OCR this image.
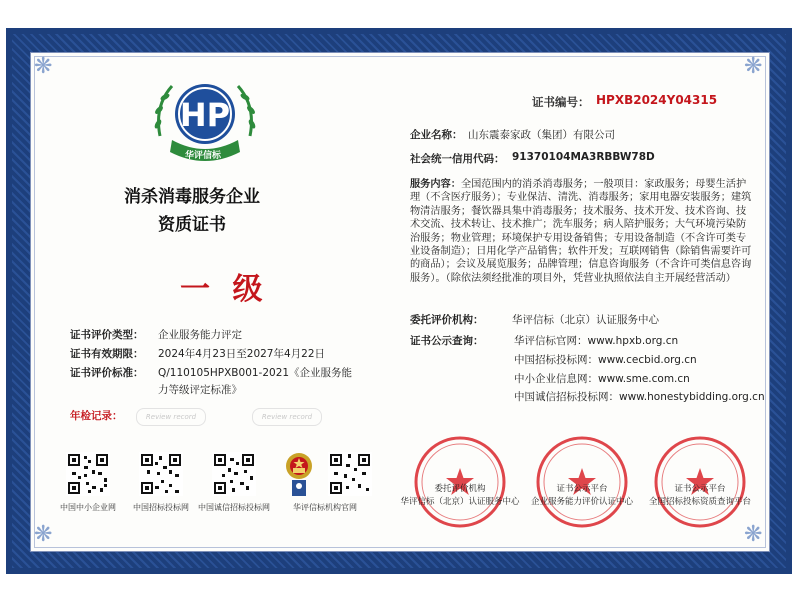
❋	❋
❋	❋
证书编号： HPXB2024Y04315
HP
华评信标
消杀消毒服务企业
资质证书
一 级
证书评价类型： 企业服务能力评定
证书有效期限： 2024年4月23日至2027年4月22日
证书评价标准： Q/110105HPXB001-2021《企业服务能
力等级评定标准》
年检记录：	Review record	Review record
企业名称： 山东震泰家政（集团）有限公司
社会统一信用代码： 91370104MA3RBBW78D
服务内容：全国范围内的消杀消毒服务；一般项目：家政服务；母婴生活护理（不含医疗服务）；专业保洁、清洗、消毒服务；家用电器安装服务；建筑物清洁服务；餐饮器具集中消毒服务；技术服务、技术开发、技术咨询、技术交流、技术转让、技术推广；洗车服务；病人陪护服务；大气环境污染防治服务；物业管理；环境保护专用设备销售；专用设备制造（不含许可类专业设备制造）；日用化学产品销售；软件开发；互联网销售（除销售需要许可的商品）；会议及展览服务；品牌管理；信息咨询服务（不含许可类信息咨询服务）。（除依法须经批准的项目外，凭营业执照依法自主开展经营活动）
委托评价机构：	华评信标（北京）认证服务中心
证书公示查询：	华评信标官网：www.hpxb.org.cn
中国招标投标网：www.cecbid.org.cn
中小企业信息网：www.sme.com.cn
中国诚信招标投标网：www.honestybidding.org.cn
中国中小企业网	中国招标投标网	中国诚信招标投标网	华评信标机构官网
委托评价机构
华评信标（北京）认证服务中心
证书公示平台
企业服务能力评价认证中心
证书公示平台
全国招标投标资质查询平台
